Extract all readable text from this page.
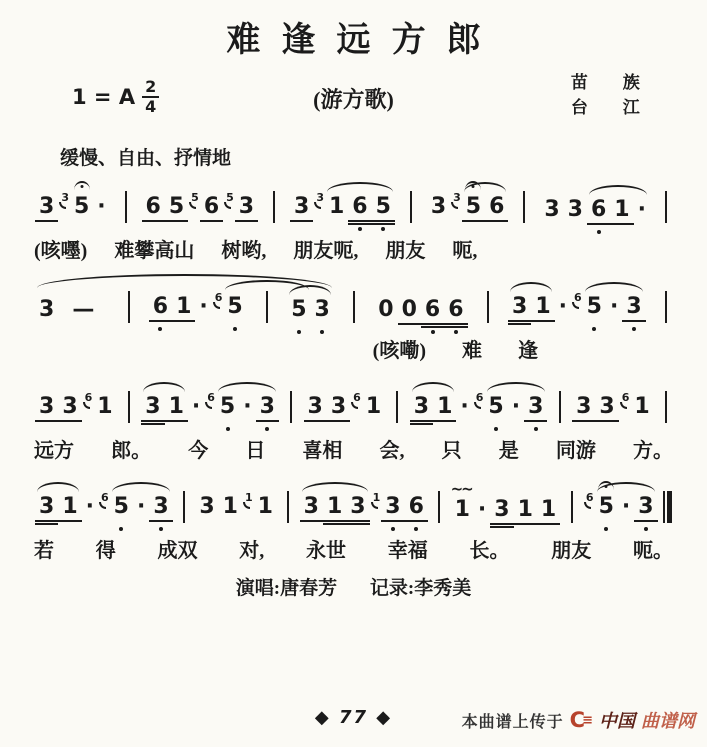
难逢远方郎
1 = A $\frac{2}{4}$	(游方歌)
苗 族
台 江
缓慢、自由、抒情地
3 3 5 · 6 5 5 6 5 3 3 3 1 6 5 3 3 5 6 3 3 6 1 ·
(咳嚜) 难攀高山 树哟, 朋友呃, 朋友 呃,
3 —	6 1 · 6 5 5 3 0 0 6 6 3 1 · 6 5 · 3
(咳嘞) 难 逢
3 3 6 1 3 1 · 6 5 · 3 3 3 6 1 3 1 · 6 5 · 3 3 3 6 1
远方 郎。 今 日 喜相 会, 只 是 同游 方。
3 1 · 6 5 · 3 3 1 1 1 3 1 3 1 3 6 1
~~
· 3 1 1	6 5 · 3
若 得 成双 对, 永世 幸福 长。 朋友 呃。
演唱:唐春芳 记录:李秀美
◆ 77 ◆	本曲谱上传于 C
≡ 中国 曲谱网
